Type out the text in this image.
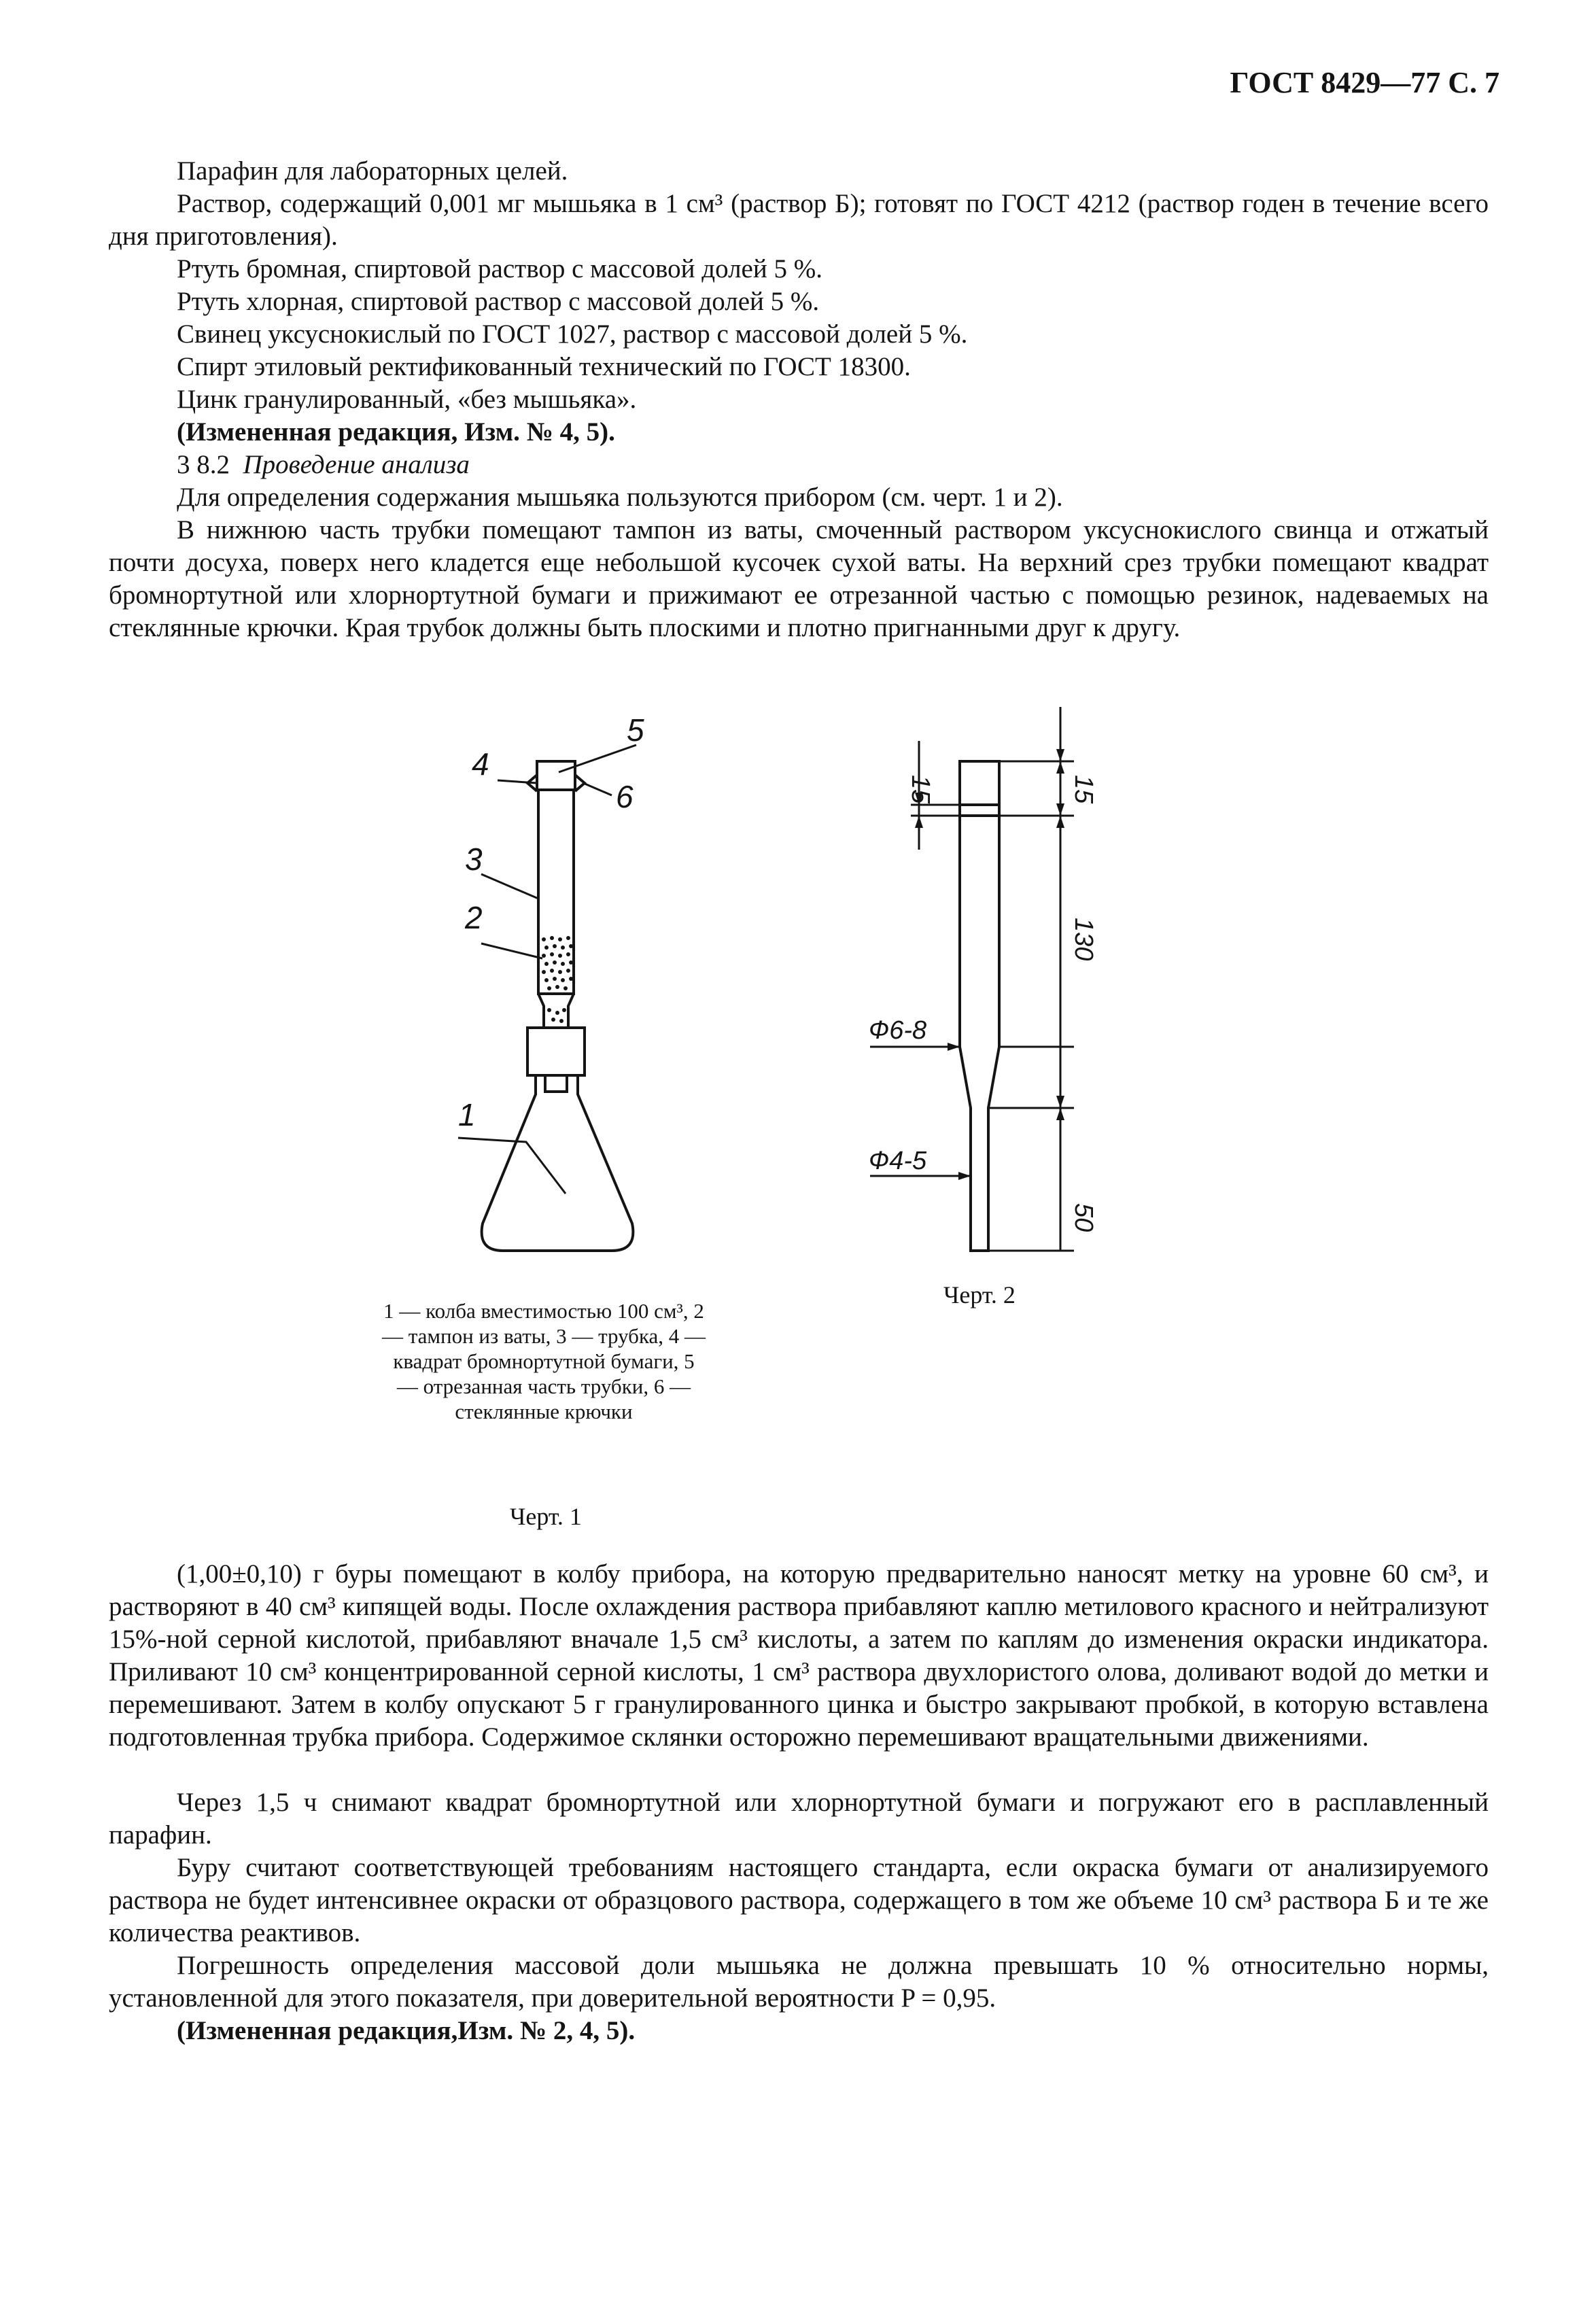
ГОСТ 8429—77 С. 7
Парафин для лабораторных целей.
Раствор, содержащий 0,001 мг мышьяка в 1 см³ (раствор Б); готовят по ГОСТ 4212 (раствор годен в течение всего дня приготовления).
Ртуть бромная, спиртовой раствор с массовой долей 5 %.
Ртуть хлорная, спиртовой раствор с массовой долей 5 %.
Свинец уксуснокислый по ГОСТ 1027, раствор с массовой долей 5 %.
Спирт этиловый ректификованный технический по ГОСТ 18300.
Цинк гранулированный, «без мышьяка».
(Измененная редакция, Изм. № 4, 5).
3 8.2 Проведение анализа
Для определения содержания мышьяка пользуются прибором (см. черт. 1 и 2).
В нижнюю часть трубки помещают тампон из ваты, смоченный раствором уксуснокислого свинца и отжатый почти досуха, поверх него кладется еще небольшой кусочек сухой ваты. На верхний срез трубки помещают квадрат бромнортутной или хлорнортутной бумаги и прижимают ее отрезанной частью с помощью резинок, надеваемых на стеклянные крючки. Края трубок должны быть плоскими и плотно пригнанными друг к другу.
4
5
6
3
2
1
1 — колба вместимостью 100 см³, 2 — тампон из ваты, 3 — трубка, 4 — квадрат бромнортутной бумаги, 5 — отрезанная часть трубки, 6 — стеклянные крючки
Черт. 1
15	15
130
Ф6-8
Ф4-5
50
Черт. 2
(1,00±0,10) г буры помещают в колбу прибора, на которую предварительно наносят метку на уровне 60 см³, и растворяют в 40 см³ кипящей воды. После охлаждения раствора прибавляют каплю метилового красного и нейтрализуют 15%-ной серной кислотой, прибавляют вначале 1,5 см³ кислоты, а затем по каплям до изменения окраски индикатора. Приливают 10 см³ концентрированной серной кислоты, 1 см³ раствора двухлористого олова, доливают водой до метки и перемешивают. Затем в колбу опускают 5 г гранулированного цинка и быстро закрывают пробкой, в которую вставлена подготовленная трубка прибора. Содержимое склянки осторожно перемешивают вращательными движениями.
Через 1,5 ч снимают квадрат бромнортутной или хлорнортутной бумаги и погружают его в расплавленный парафин.
Буру считают соответствующей требованиям настоящего стандарта, если окраска бумаги от анализируемого раствора не будет интенсивнее окраски от образцового раствора, содержащего в том же объеме 10 см³ раствора Б и те же количества реактивов.
Погрешность определения массовой доли мышьяка не должна превышать 10 % относительно нормы, установленной для этого показателя, при доверительной вероятности P = 0,95.
(Измененная редакция,Изм. № 2, 4, 5).
